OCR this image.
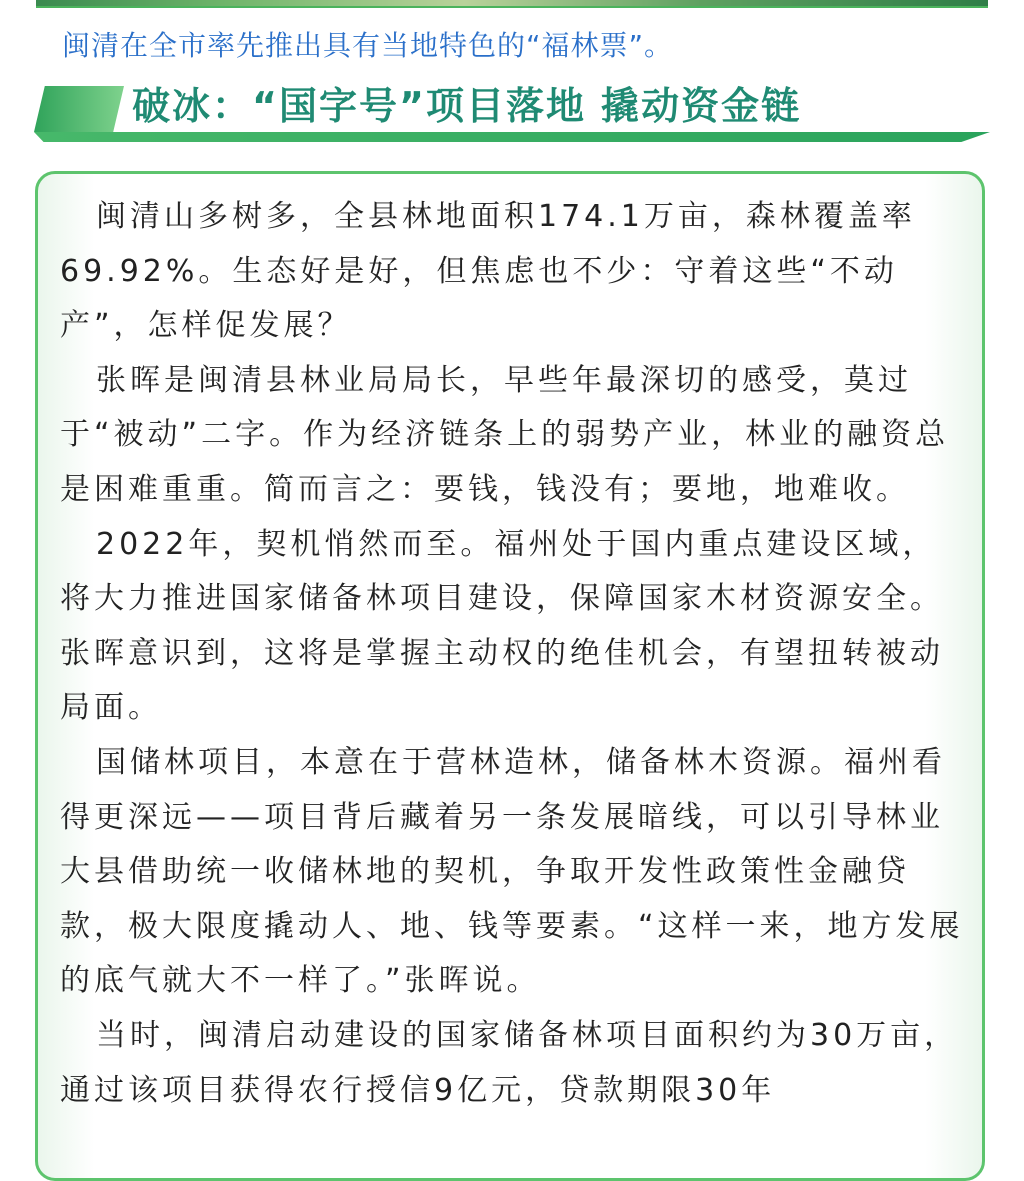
闽清在全市率先推出具有当地特色的“福林票”。
破冰：“国字号”项目落地 撬动资金链

闽清山多树多，全县林地面积174.1万亩，森林覆盖率69.92%。生态好是好，但焦虑也不少：守着这些“不动产”，怎样促发展？

张晖是闽清县林业局局长，早些年最深切的感受，莫过于“被动”二字。作为经济链条上的弱势产业，林业的融资总是困难重重。简而言之：要钱，钱没有；要地，地难收。

2022年，契机悄然而至。福州处于国内重点建设区域，将大力推进国家储备林项目建设，保障国家木材资源安全。张晖意识到，这将是掌握主动权的绝佳机会，有望扭转被动局面。

国储林项目，本意在于营林造林，储备林木资源。福州看得更深远——项目背后藏着另一条发展暗线，可以引导林业大县借助统一收储林地的契机，争取开发性政策性金融贷款，极大限度撬动人、地、钱等要素。“这样一来，地方发展的底气就大不一样了。”张晖说。

当时，闽清启动建设的国家储备林项目面积约为30万亩，通过该项目获得农行授信9亿元，贷款期限30年
